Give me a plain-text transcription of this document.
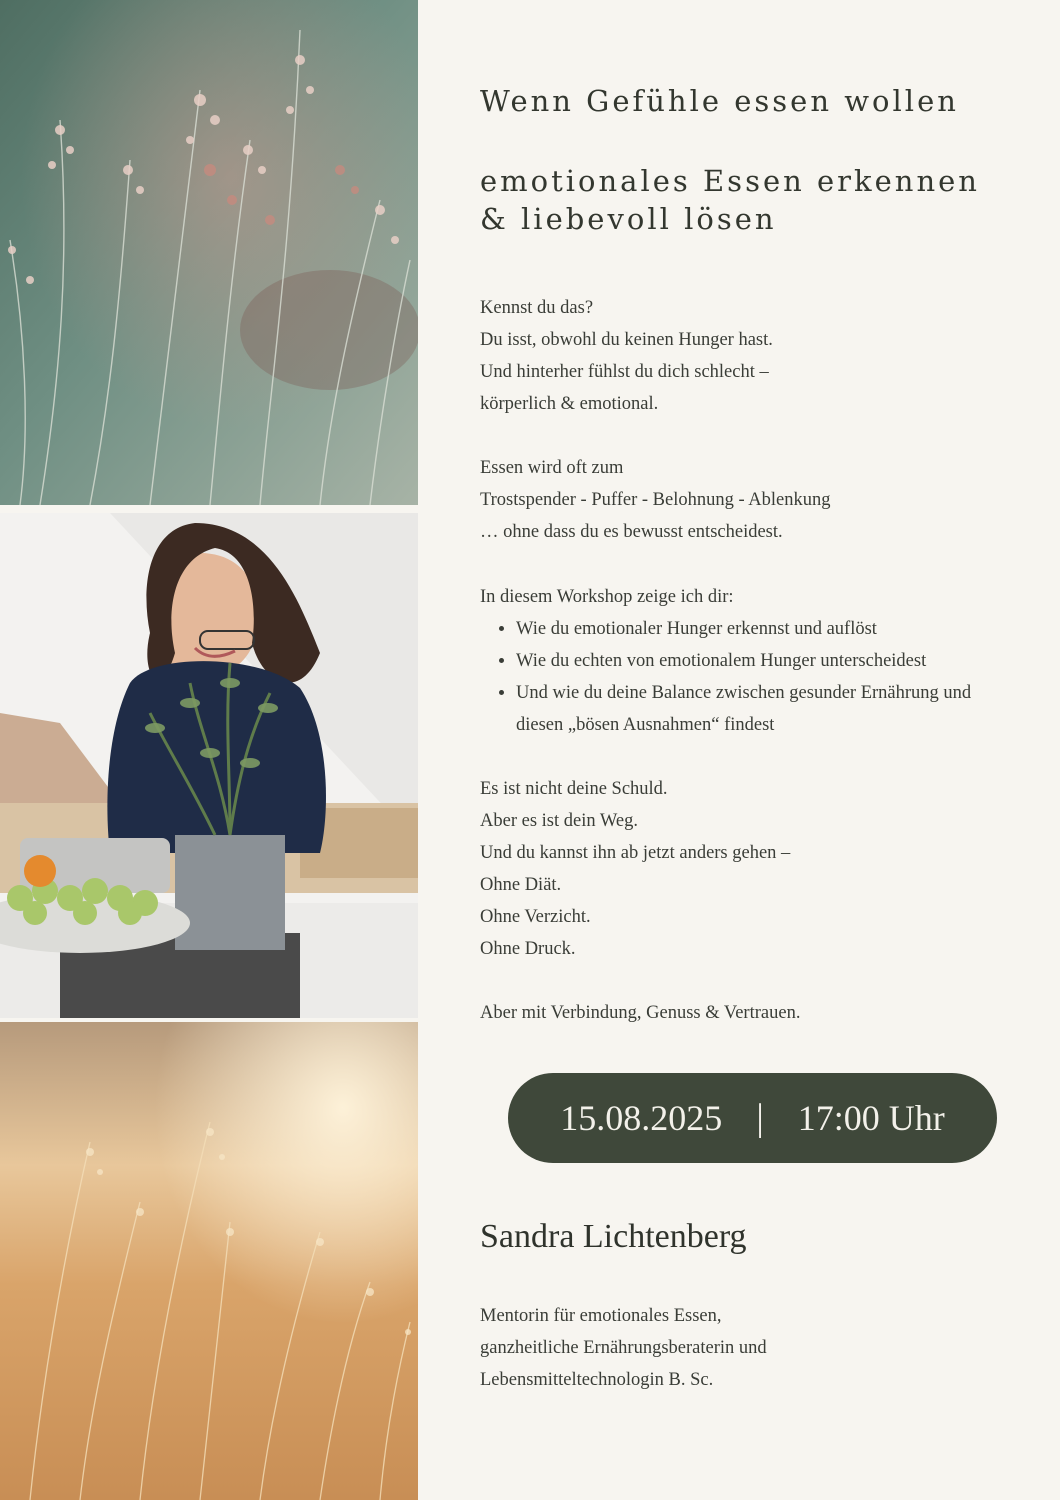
Wenn Gefühle essen wollen
emotionales Essen erkennen & liebevoll lösen

Kennst du das?

Du isst, obwohl du keinen Hunger hast.

Und hinterher fühlst du dich schlecht –

körperlich & emotional.

Essen wird oft zum

Trostspender - Puffer - Belohnung - Ablenkung

… ohne dass du es bewusst entscheidest.

In diesem Workshop zeige ich dir:

• Wie du emotionaler Hunger erkennst und auflöst
• Wie du echten von emotionalem Hunger unterscheidest
• Und wie du deine Balance zwischen gesunder Ernährung und diesen „bösen Ausnahmen“ findest

Es ist nicht deine Schuld.

Aber es ist dein Weg.

Und du kannst ihn ab jetzt anders gehen –

Ohne Diät.

Ohne Verzicht.

Ohne Druck.

Aber mit Verbindung, Genuss & Vertrauen.

15.08.2025 | 17:00 Uhr
Sandra Lichtenberg

Mentorin für emotionales Essen,

ganzheitliche Ernährungsberaterin und

Lebensmitteltechnologin B. Sc.
